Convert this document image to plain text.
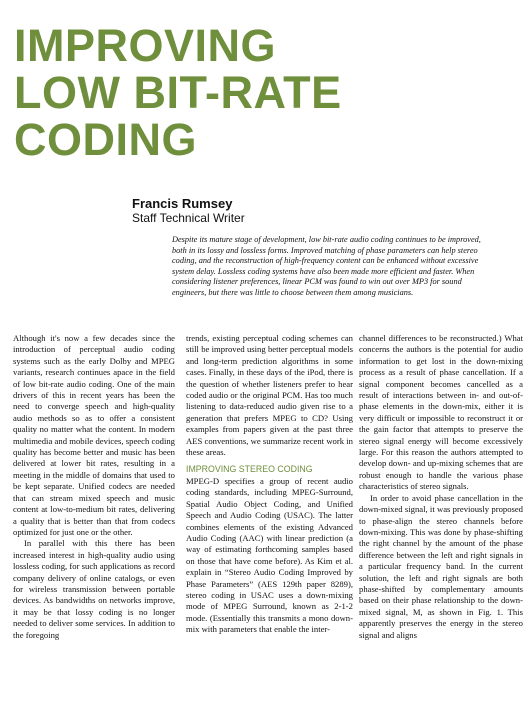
IMPROVING
LOW BIT-RATE
CODING
Francis Rumsey
Staff Technical Writer
Despite its mature stage of development, low bit-rate audio coding continues to be improved, both in its lossy and lossless forms. Improved matching of phase parameters can help stereo coding, and the reconstruction of high-frequency content can be enhanced without excessive system delay. Lossless coding systems have also been made more efficient and faster. When considering listener preferences, linear PCM was found to win out over MP3 for sound engineers, but there was little to choose between them among musicians.

Although it's now a few decades since the introduction of perceptual audio coding systems such as the early Dolby and MPEG variants, research continues apace in the field of low bit-rate audio coding. One of the main drivers of this in recent years has been the need to converge speech and high-quality audio methods so as to offer a consistent quality no matter what the content. In modern multimedia and mobile devices, speech coding quality has become better and music has been delivered at lower bit rates, resulting in a meeting in the middle of domains that used to be kept separate. Unified codecs are needed that can stream mixed speech and music content at low-to-medium bit rates, delivering a quality that is better than that from codecs optimized for just one or the other.

In parallel with this there has been increased interest in high-quality audio using lossless coding, for such applications as record company delivery of online catalogs, or even for wireless transmission between portable devices. As bandwidths on networks improve, it may be that lossy coding is no longer needed to deliver some services. In addition to the foregoing

trends, existing perceptual coding schemes can still be improved using better perceptual models and long-term prediction algorithms in some cases. Finally, in these days of the iPod, there is the question of whether listeners prefer to hear coded audio or the original PCM. Has too much listening to data-reduced audio given rise to a generation that prefers MPEG to CD? Using examples from papers given at the past three AES conventions, we summarize recent work in these areas.

IMPROVING STEREO CODING

MPEG-D specifies a group of recent audio coding standards, including MPEG-Surround, Spatial Audio Object Coding, and Unified Speech and Audio Coding (USAC). The latter combines elements of the existing Advanced Audio Coding (AAC) with linear prediction (a way of estimating forthcoming samples based on those that have come before). As Kim et al. explain in “Stereo Audio Coding Improved by Phase Parameters” (AES 129th paper 8289), stereo coding in USAC uses a down-mixing mode of MPEG Surround, known as 2-1-2 mode. (Essentially this transmits a mono down-mix with parameters that enable the inter-

channel differences to be reconstructed.) What concerns the authors is the potential for audio information to get lost in the down-mixing process as a result of phase cancellation. If a signal component becomes cancelled as a result of interactions between in- and out-of-phase elements in the down-mix, either it is very difficult or impossible to reconstruct it or the gain factor that attempts to preserve the stereo signal energy will become excessively large. For this reason the authors attempted to develop down- and up-mixing schemes that are robust enough to handle the various phase characteristics of stereo signals.

In order to avoid phase cancellation in the down-mixed signal, it was previously proposed to phase-align the stereo channels before down-mixing. This was done by phase-shifting the right channel by the amount of the phase difference between the left and right signals in a particular frequency band. In the current solution, the left and right signals are both phase-shifted by complementary amounts based on their phase relationship to the down-mixed signal, M, as shown in Fig. 1. This apparently preserves the energy in the stereo signal and aligns
